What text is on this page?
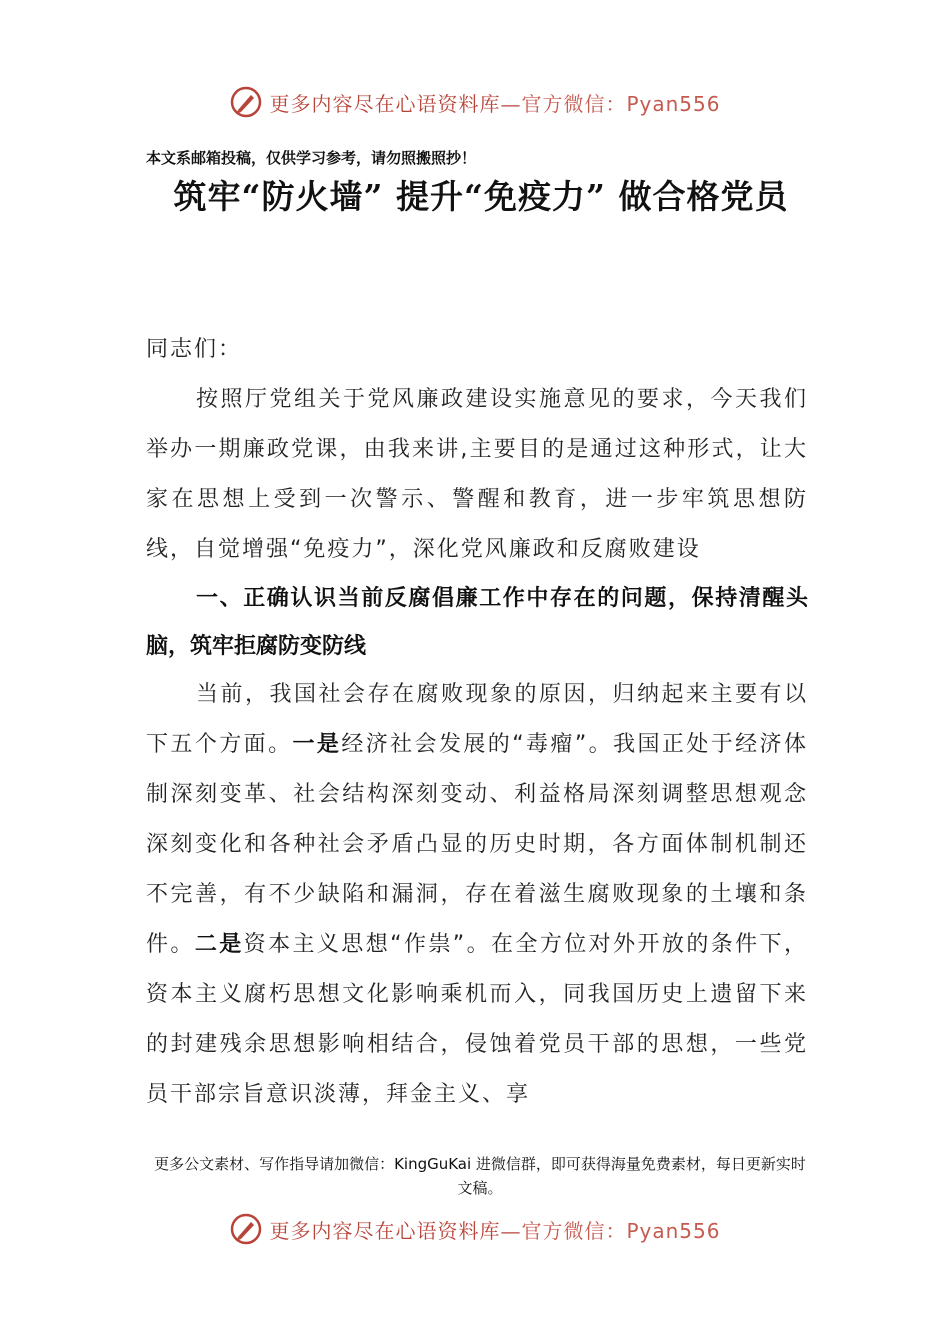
更多内容尽在心语资料库—官方微信：Pyan556
本文系邮箱投稿，仅供学习参考，请勿照搬照抄！
筑牢“防火墙” 提升“免疫力” 做合格党员
同志们：
按照厅党组关于党风廉政建设实施意见的要求，今天我们举办一期廉政党课，由我来讲,主要目的是通过这种形式，让大家在思想上受到一次警示、警醒和教育，进一步牢筑思想防线，自觉增强“免疫力”，深化党风廉政和反腐败建设
一、正确认识当前反腐倡廉工作中存在的问题，保持清醒头脑，筑牢拒腐防变防线
当前，我国社会存在腐败现象的原因，归纳起来主要有以下五个方面。一是经济社会发展的“毒瘤”。我国正处于经济体制深刻变革、社会结构深刻变动、利益格局深刻调整思想观念深刻变化和各种社会矛盾凸显的历史时期，各方面体制机制还不完善，有不少缺陷和漏洞，存在着滋生腐败现象的土壤和条件。二是资本主义思想“作祟”。在全方位对外开放的条件下，资本主义腐朽思想文化影响乘机而入，同我国历史上遗留下来的封建残余思想影响相结合，侵蚀着党员干部的思想，一些党员干部宗旨意识淡薄，拜金主义、享
更多公文素材、写作指导请加微信：KingGuKai 进微信群，即可获得海量免费素材，每日更新实时文稿。
更多内容尽在心语资料库—官方微信：Pyan556
